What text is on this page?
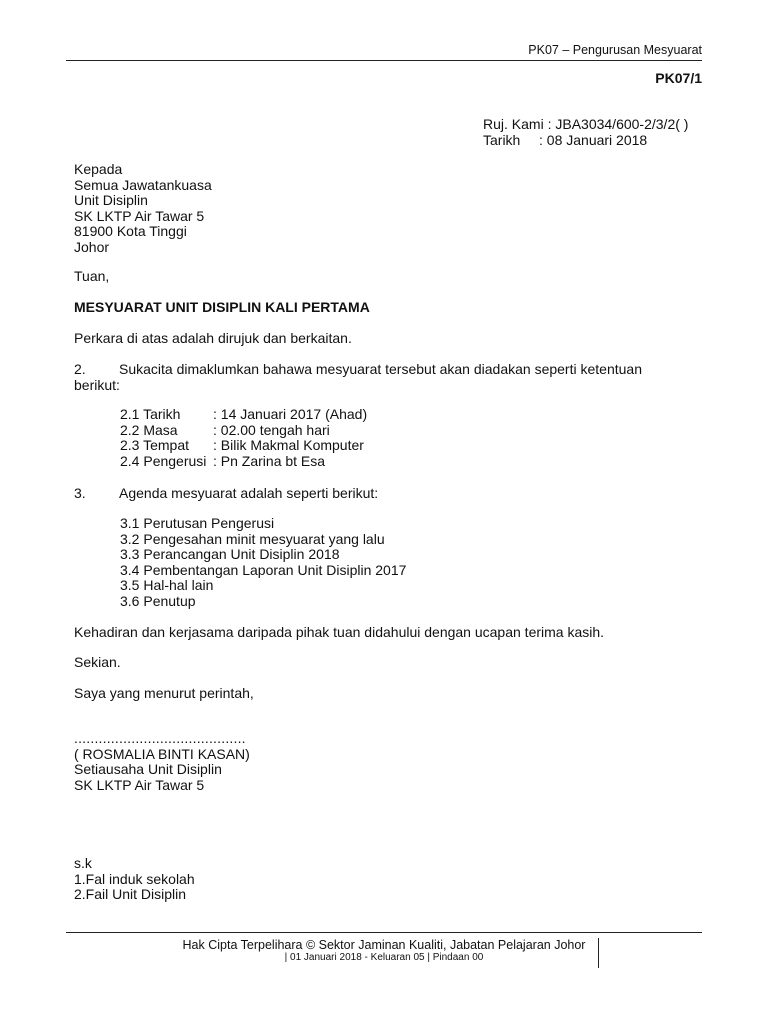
PK07 – Pengurusan Mesyuarat
PK07/1
Ruj. Kami : JBA3034/600-2/3/2( )
Tarikh : 08 Januari 2018
Kepada
Semua Jawatankuasa
Unit Disiplin
SK LKTP Air Tawar 5
81900 Kota Tinggi
Johor
Tuan,
MESYUARAT UNIT DISIPLIN KALI PERTAMA
Perkara di atas adalah dirujuk dan berkaitan.
2. Sukacita dimaklumkan bahawa mesyuarat tersebut akan diadakan seperti ketentuan berikut:
2.1 Tarikh : 14 Januari 2017 (Ahad)
2.2 Masa	: 02.00 tengah hari
2.3 Tempat : Bilik Makmal Komputer
2.4 Pengerusi : Pn Zarina bt Esa
3. Agenda mesyuarat adalah seperti berikut:
3.1 Perutusan Pengerusi
3.2 Pengesahan minit mesyuarat yang lalu
3.3 Perancangan Unit Disiplin 2018
3.4 Pembentangan Laporan Unit Disiplin 2017
3.5 Hal-hal lain
3.6 Penutup
Kehadiran dan kerjasama daripada pihak tuan didahului dengan ucapan terima kasih.
Sekian.
Saya yang menurut perintah,
..........................................
( ROSMALIA BINTI KASAN)
Setiausaha Unit Disiplin
SK LKTP Air Tawar 5
s.k
1.Fal induk sekolah
2.Fail Unit Disiplin
Hak Cipta Terpelihara © Sektor Jaminan Kualiti, Jabatan Pelajaran Johor
| 01 Januari 2018 - Keluaran 05 | Pindaan 00
